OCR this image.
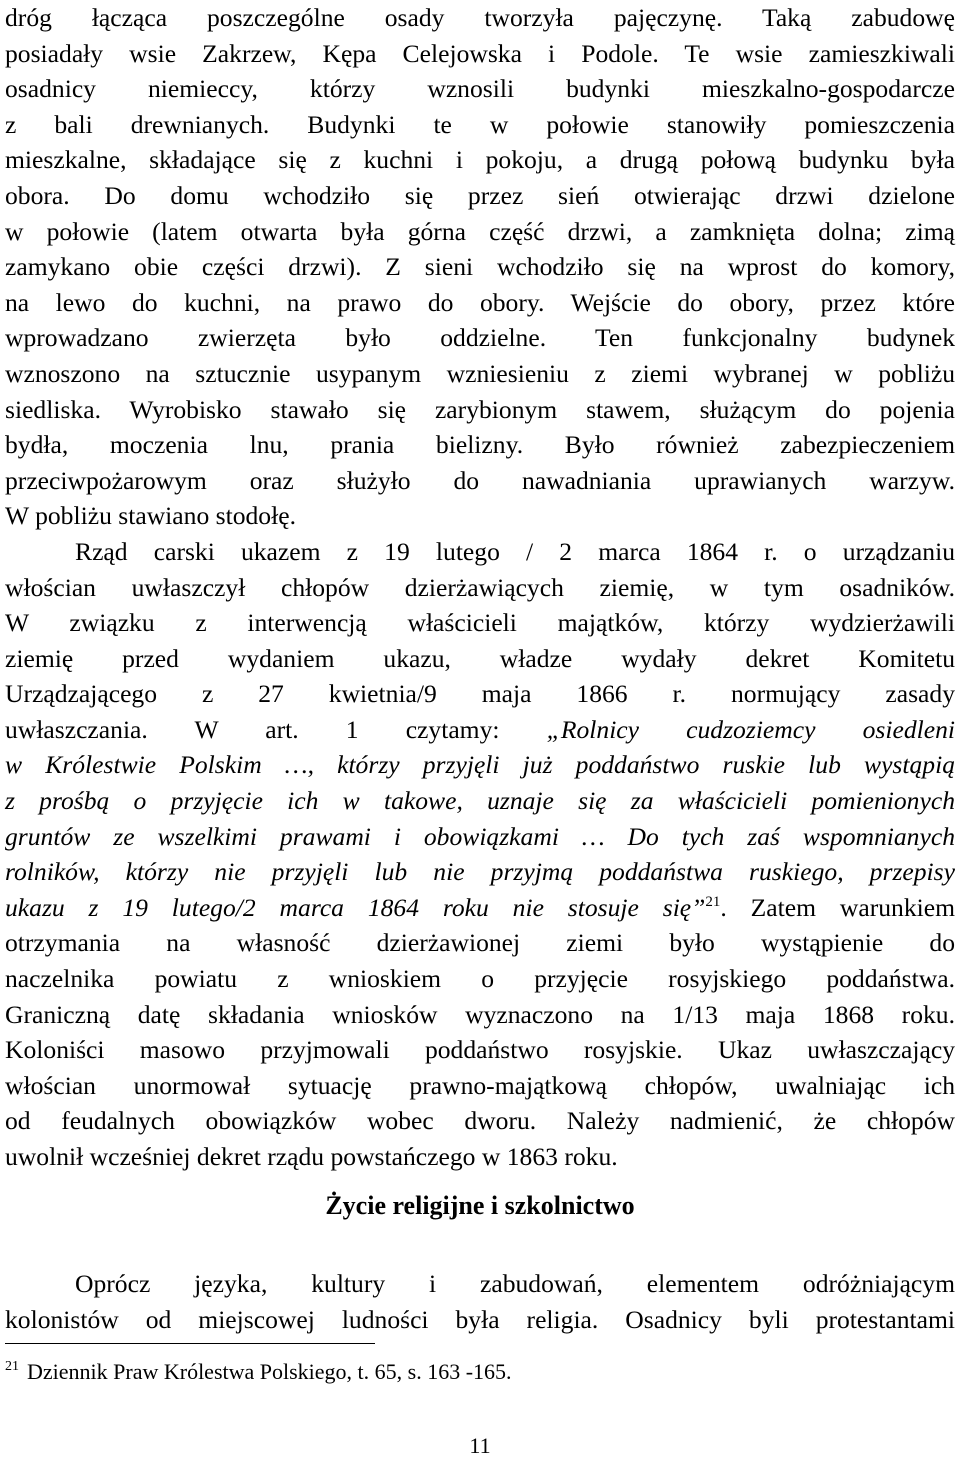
dróg łącząca poszczególne osady tworzyła pajęczynę. Taką zabudowę
posiadały wsie Zakrzew, Kępa Celejowska i Podole. Te wsie zamieszkiwali
osadnicy niemieccy, którzy wznosili budynki mieszkalno-gospodarcze
z bali drewnianych. Budynki te w połowie stanowiły pomieszczenia
mieszkalne, składające się z kuchni i pokoju, a drugą połową budynku była
obora. Do domu wchodziło się przez sień otwierając drzwi dzielone
w połowie (latem otwarta była górna część drzwi, a zamknięta dolna; zimą
zamykano obie części drzwi). Z sieni wchodziło się na wprost do komory,
na lewo do kuchni, na prawo do obory. Wejście do obory, przez które
wprowadzano zwierzęta było oddzielne. Ten funkcjonalny budynek
wznoszono na sztucznie usypanym wzniesieniu z ziemi wybranej w pobliżu
siedliska. Wyrobisko stawało się zarybionym stawem, służącym do pojenia
bydła, moczenia lnu, prania bielizny. Było również zabezpieczeniem
przeciwpożarowym oraz służyło do nawadniania uprawianych warzyw.
W pobliżu stawiano stodołę.

Rząd carski ukazem z 19 lutego / 2 marca 1864 r. o urządzaniu
włościan uwłaszczył chłopów dzierżawiących ziemię, w tym osadników.
W związku z interwencją właścicieli majątków, którzy wydzierżawili
ziemię przed wydaniem ukazu, władze wydały dekret Komitetu
Urządzającego z 27 kwietnia/9 maja 1866 r. normujący zasady
uwłaszczania. W art. 1 czytamy: „Rolnicy cudzoziemcy osiedleni
w Królestwie Polskim …, którzy przyjęli już poddaństwo ruskie lub wystąpią
z prośbą o przyjęcie ich w takowe, uznaje się za właścicieli pomienionych
gruntów ze wszelkimi prawami i obowiązkami … Do tych zaś wspomnianych
rolników, którzy nie przyjęli lub nie przyjmą poddaństwa ruskiego, przepisy
ukazu z 19 lutego/2 marca 1864 roku nie stosuje się”$^{21}$. Zatem warunkiem
otrzymania na własność dzierżawionej ziemi było wystąpienie do
naczelnika powiatu z wnioskiem o przyjęcie rosyjskiego poddaństwa.
Graniczną datę składania wniosków wyznaczono na 1/13 maja 1868 roku.
Koloniści masowo przyjmowali poddaństwo rosyjskie. Ukaz uwłaszczający
włościan unormował sytuację prawno-majątkową chłopów, uwalniając ich
od feudalnych obowiązków wobec dworu. Należy nadmienić, że chłopów
uwolnił wcześniej dekret rządu powstańczego w 1863 roku.

Życie religijne i szkolnictwo

Oprócz języka, kultury i zabudowań, elementem odróżniającym
kolonistów od miejscowej ludności była religia. Osadnicy byli protestantami

$^{21}$ Dziennik Praw Królestwa Polskiego, t. 65, s. 163 -165.

11
